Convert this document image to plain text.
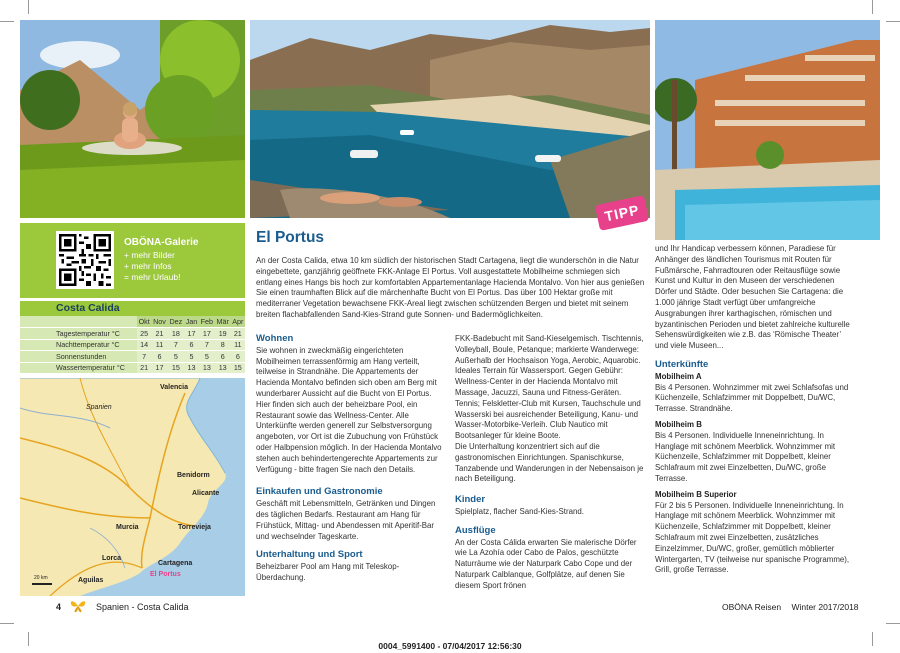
TIPP
OBÖNA-Galerie
+ mehr Bilder
+ mehr Infos
= mehr Urlaub!
Costa Calida
	Okt	Nov	Dez	Jan	Feb	Mär	Apr
Tagestemperatur °C	25	21	18	17	17	19	21
Nachttemperatur °C	14	11	7	6	7	8	11
Sonnenstunden	7	6	5	5	5	6	6
Wassertemperatur °C	21	17	15	13	13	13	15
Valencia
Spanien
Benidorm
Alicante
Murcia	Torrevieja
Lorca
Cartagena
El Portus
Aguilas
20 km
El Portus

An der Costa Calida, etwa 10 km südlich der historischen Stadt Cartagena, liegt die wunderschön in die Natur eingebettete, ganzjährig geöffnete FKK-Anlage El Portus. Voll ausgestattete Mobilheime schmiegen sich entlang eines Hangs bis hoch zur komfortablen Appartementanlage Hacienda Montalvo. Von hier aus genießen Sie einen traumhaften Blick auf die märchenhafte Bucht von El Portus. Das über 100 Hektar große mit mediterraner Vegetation bewachsene FKK-Areal liegt zwischen schützenden Bergen und bietet mit seinem breiten flachabfallenden Sand-Kies-Strand gute Sonnen- und Badermöglichkeiten.

Wohnen

Sie wohnen in zweckmäßig eingerichteten Mobilheimen terrassenförmig am Hang verteilt, teilweise in Strandnähe. Die Appartements der Hacienda Montalvo befinden sich oben am Berg mit wunderbarer Aussicht auf die Bucht von El Portus. Hier finden sich auch der beheizbare Pool, ein Restaurant sowie das Wellness-Center. Alle Unterkünfte werden generell zur Selbstversorgung angeboten, vor Ort ist die Zubuchung von Frühstück oder Halbpension möglich. In der Hacienda Montalvo stehen auch behindertengerechte Appartements zur Verfügung - bitte fragen Sie nach den Details.

Einkaufen und Gastronomie

Geschäft mit Lebensmitteln, Getränken und Dingen des täglichen Bedarfs. Restaurant am Hang für Frühstück, Mittag- und Abendessen mit Aperitif-Bar und wechselnder Tageskarte.

Unterhaltung und Sport

Beheizbarer Pool am Hang mit Teleskop-Überdachung.

FKK-Badebucht mit Sand-Kieselgemisch. Tischtennis, Volleyball, Boule, Petanque; markierte Wanderwege: Außerhalb der Hochsaison Yoga, Aerobic, Aquarobic. Ideales Terrain für Wassersport. Gegen Gebühr: Wellness-Center in der Hacienda Montalvo mit Massage, Jacuzzi, Sauna und Fitness-Geräten. Tennis; Felskletter-Club mit Kursen, Tauchschule und Wasserski bei ausreichender Beteiligung, Kanu- und Wasser-Motorbike-Verleih. Club Nautico mit Bootsanleger für kleine Boote.

Die Unterhaltung konzentriert sich auf die gastronomischen Einrichtungen. Spanischkurse, Tanzabende und Wanderungen in der Nebensaison je nach Beteiligung.

Kinder

Spielplatz, flacher Sand-Kies-Strand.

Ausflüge

An der Costa Cálida erwarten Sie malerische Dörfer wie La Azohía oder Cabo de Palos, geschützte Naturräume wie der Naturpark Cabo Cope und der Naturpark Calblanque, Golfplätze, auf denen Sie diesem Sport frönen

und Ihr Handicap verbessern können, Paradiese für Anhänger des ländlichen Tourismus mit Routen für Fußmärsche, Fahrradtouren oder Reitausflüge sowie Kunst und Kultur in den Museen der verschiedenen Dörfer und Städte. Oder besuchen Sie Cartagena: die 1.000 jährige Stadt verfügt über umfangreiche Ausgrabungen ihrer karthagischen, römischen und byzantinischen Perioden und bietet zahlreiche kulturelle Sehenswürdigkeiten wie z.B. das ‘Römische Theater’ und viele Museen...

Unterkünfte
Mobilheim A

Bis 4 Personen. Wohnzimmer mit zwei Schlafsofas und Küchenzeile, Schlafzimmer mit Doppelbett, Du/WC, Terrasse. Strandnähe.

Mobilheim B

Bis 4 Personen. Individuelle Inneneinrichtung. In Hanglage mit schönem Meerblick. Wohnzimmer mit Küchenzeile, Schlafzimmer mit Doppelbett, kleiner Schlafraum mit zwei Einzelbetten, Du/WC, große Terrasse.

Mobilheim B Superior

Für 2 bis 5 Personen. Individuelle Inneneinrichtung. In Hanglage mit schönem Meerblick. Wohnzimmer mit Küchenzeile, Schlafzimmer mit Doppelbett, kleiner Schlafraum mit zwei Einzelbetten, zusätzliches Einzelzimmer, Du/WC, großer, gemütlich möblierter Wintergarten, TV (teilweise nur spanische Programme), Grill, große Terrasse.

4	Spanien - Costa Calida	OBÖNA Reisen Winter 2017/2018
0004_5991400 - 07/04/2017 12:56:30
